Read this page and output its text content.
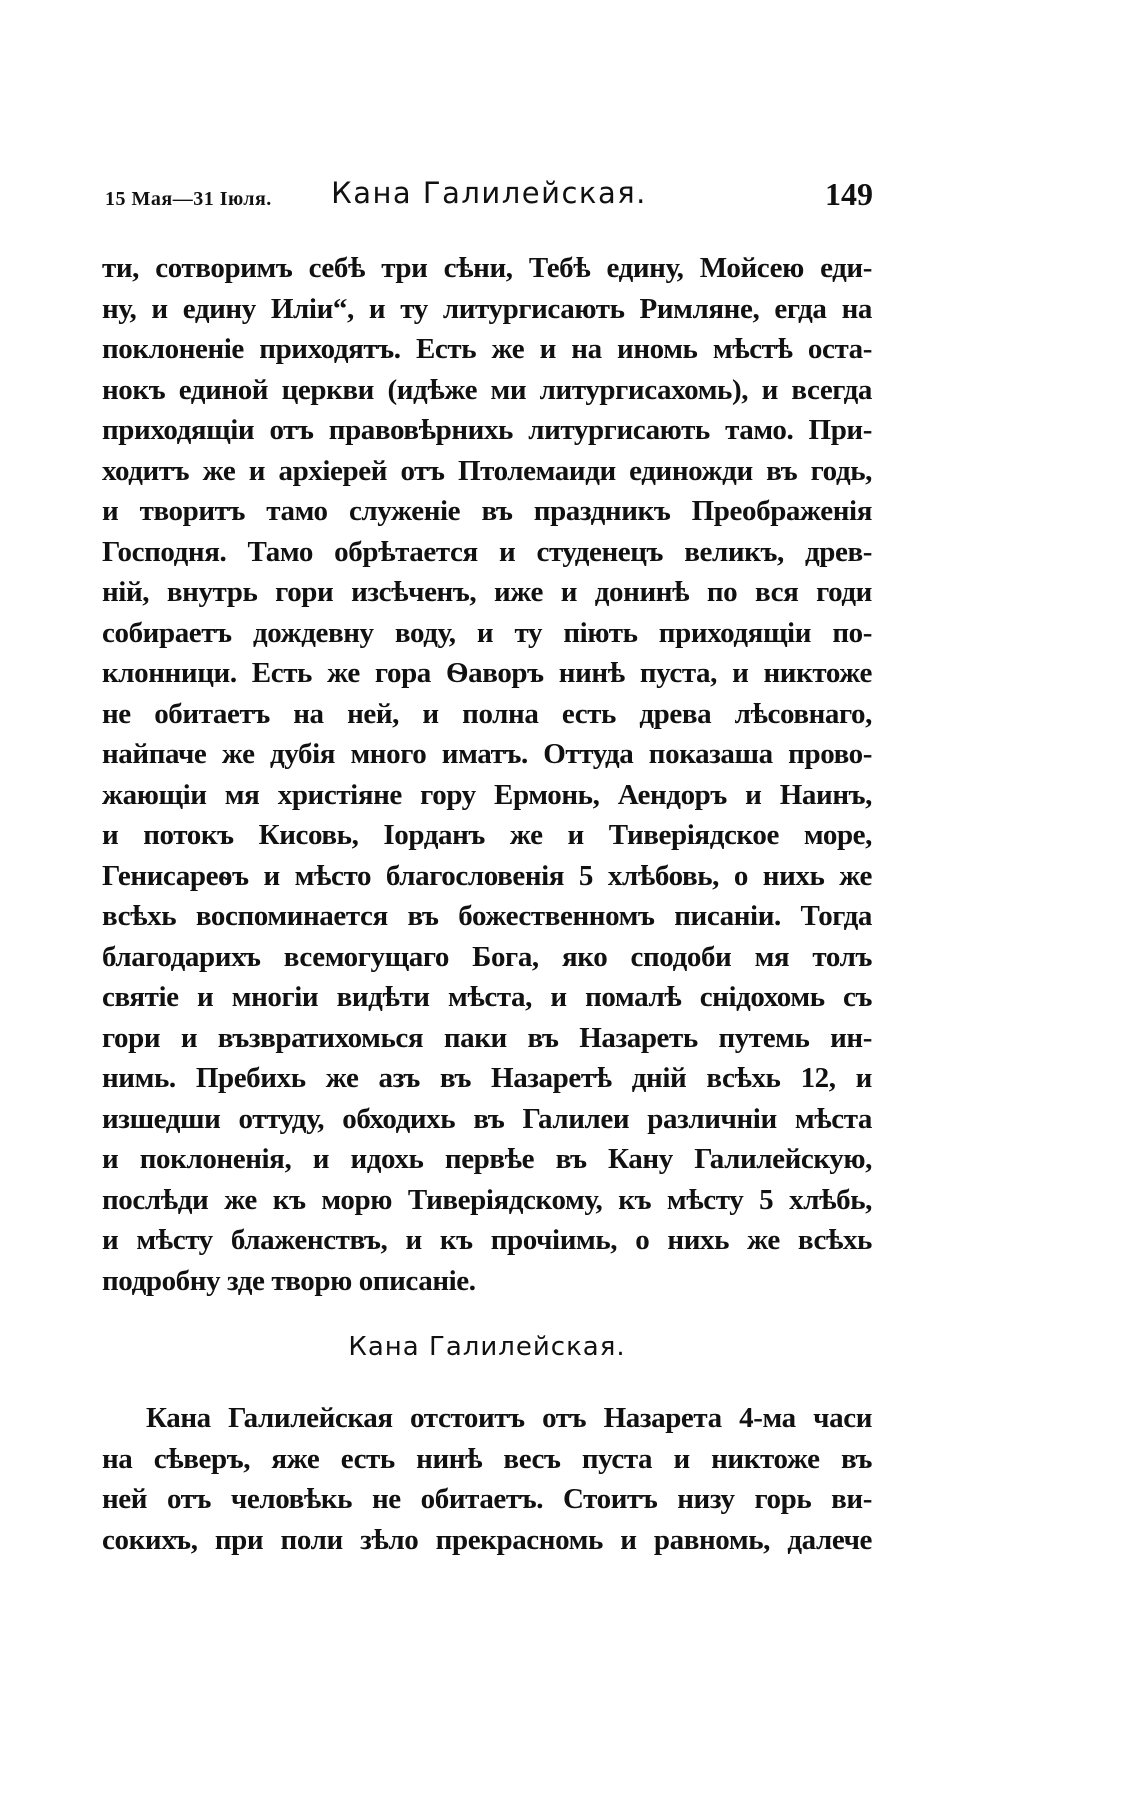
15 Мая—31 Іюля.	Кана Галилейская.	149
ти, сотворимъ себѣ три сѣни, Тебѣ едину, Мойсею еди-
ну, и едину Иліи“, и ту литургисають Римляне, егда на
поклоненіе приходятъ. Есть же и на иномь мѣстѣ оста-
нокъ единой церкви (идѣже ми литургисахомь), и всегда
приходящіи отъ правовѣрнихь литургисають тамо. При-
ходитъ же и архіерей отъ Птолемаиди единожди въ годь,
и творитъ тамо служеніе въ праздникъ Преображенія
Господня. Тамо обрѣтается и студенецъ великъ, древ-
ній, внутрь гори изсѣченъ, иже и донинѣ по вся годи
собираетъ дождевну воду, и ту піють приходящіи по-
клонници. Есть же гора Ѳаворъ нинѣ пуста, и никтоже
не обитаетъ на ней, и полна есть древа лѣсовнаго,
найпаче же дубія много иматъ. Оттуда показаша прово-
жающіи мя христіяне гору Ермонь, Аендоръ и Наинъ,
и потокъ Кисовь, Іорданъ же и Тиверіядское море,
Генисареѳъ и мѣсто благословенія 5 хлѣбовь, о нихь же
всѣхь воспоминается въ божественномъ писаніи. Тогда
благодарихъ всемогущаго Бога, яко сподоби мя толъ
святіе и многіи видѣти мѣста, и помалѣ снідохомь съ
гори и възвратихомься паки въ Назареть путемь ин-
нимь. Пребихь же азъ въ Назаретѣ дній всѣхь 12, и
изшедши оттуду, обходихь въ Галилеи различніи мѣста
и поклоненія, и идохь первѣе въ Кану Галилейскую,
послѣди же къ морю Тиверіядскому, къ мѣсту 5 хлѣбь,
и мѣсту блаженствъ, и къ прочіимь, о нихь же всѣхь
подробну зде творю описаніе.
Кана Галилейская.
Кана Галилейская отстоитъ отъ Назарета 4-ма часи
на сѣверъ, яже есть нинѣ весъ пуста и никтоже въ
ней отъ человѣкь не обитаетъ. Стоитъ низу горь ви-
сокихъ, при поли зѣло прекрасномь и равномь, далече
